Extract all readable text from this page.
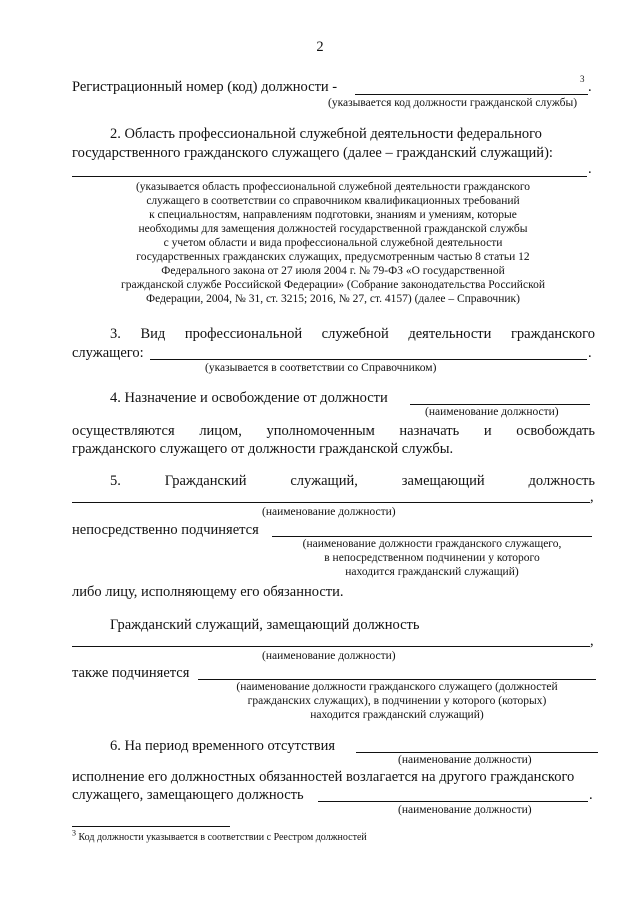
2
Регистрационный номер (код) должности -	3 .
(указывается код должности гражданской службы)
2. Область профессиональной служебной деятельности федерального
государственного гражданского служащего (далее – гражданский служащий):
.
(указывается область профессиональной служебной деятельности гражданского
служащего в соответствии со справочником квалификационных требований
к специальностям, направлениям подготовки, знаниям и умениям, которые
необходимы для замещения должностей государственной гражданской службы
с учетом области и вида профессиональной служебной деятельности
государственных гражданских служащих, предусмотренным частью 8 статьи 12
Федерального закона от 27 июля 2004 г. № 79-ФЗ «О государственной
гражданской службе Российской Федерации» (Собрание законодательства Российской
Федерации, 2004, № 31, ст. 3215; 2016, № 27, ст. 4157) (далее – Справочник)
3. Вид профессиональной служебной деятельности гражданского
служащего:	.
(указывается в соответствии со Справочником)
4. Назначение и освобождение от должности
(наименование должности)
осуществляются лицом, уполномоченным назначать и освобождать
гражданского служащего от должности гражданской службы.
5.	Гражданский	служащий,	замещающий	должность
,
(наименование должности)
непосредственно подчиняется
(наименование должности гражданского служащего,
в непосредственном подчинении у которого
находится гражданский служащий)
либо лицу, исполняющему его обязанности.
Гражданский служащий, замещающий должность
,
(наименование должности)
также подчиняется
(наименование должности гражданского служащего (должностей
гражданских служащих), в подчинении у которого (которых)
находится гражданский служащий)
6. На период временного отсутствия
(наименование должности)
исполнение его должностных обязанностей возлагается на другого гражданского
служащего, замещающего должность	.
(наименование должности)
$^3$ Код должности указывается в соответствии с Реестром должностей
